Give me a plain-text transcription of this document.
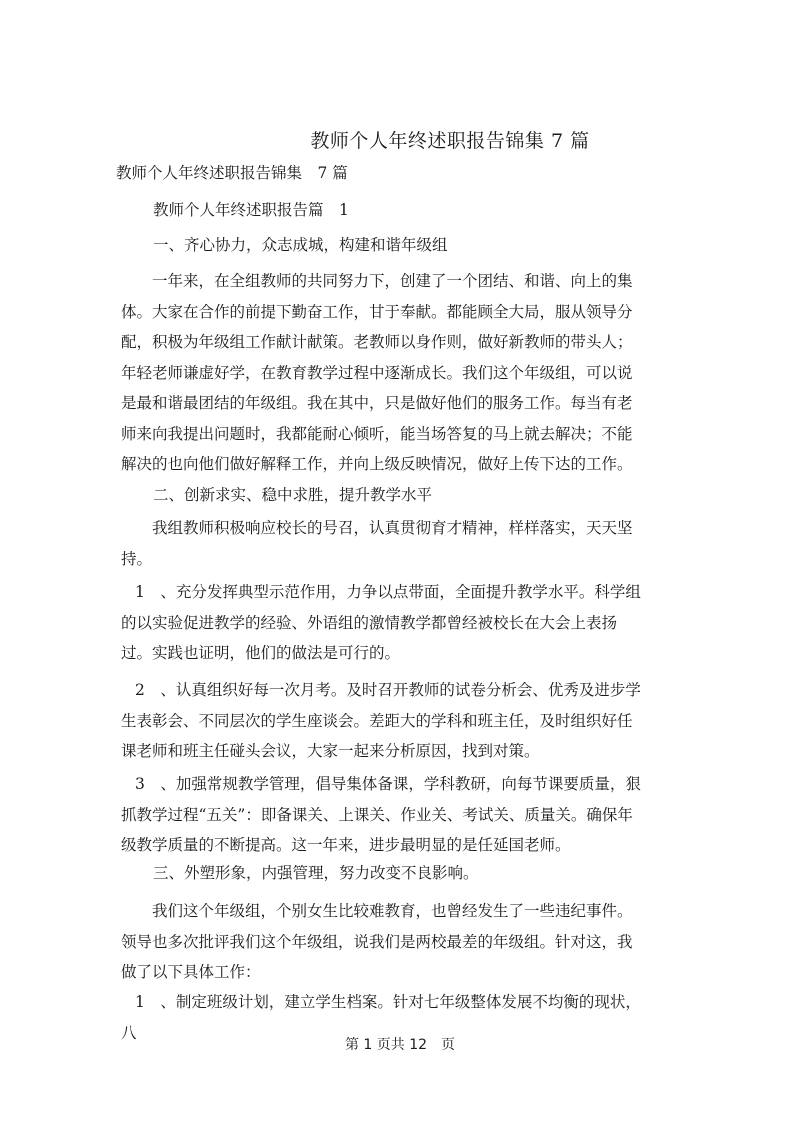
教师个人年终述职报告锦集 7 篇
教师个人年终述职报告锦集　7 篇
教师个人年终述职报告篇　1
一、齐心协力，众志成城，构建和谐年级组
一年来，在全组教师的共同努力下，创建了一个团结、和谐、向上的集体。大家在合作的前提下勤奋工作，甘于奉献。都能顾全大局，服从领导分配，积极为年级组工作献计献策。老教师以身作则，做好新教师的带头人；年轻老师谦虚好学，在教育教学过程中逐渐成长。我们这个年级组，可以说是最和谐最团结的年级组。我在其中，只是做好他们的服务工作。每当有老师来向我提出问题时，我都能耐心倾听，能当场答复的马上就去解决；不能解决的也向他们做好解释工作，并向上级反映情况，做好上传下达的工作。
二、创新求实、稳中求胜，提升教学水平
我组教师积极响应校长的号召，认真贯彻育才精神，样样落实，天天坚持。
1　、充分发挥典型示范作用，力争以点带面，全面提升教学水平。科学组的以实验促进教学的经验、外语组的激情教学都曾经被校长在大会上表扬过。实践也证明，他们的做法是可行的。
2　、认真组织好每一次月考。及时召开教师的试卷分析会、优秀及进步学生表彰会、不同层次的学生座谈会。差距大的学科和班主任，及时组织好任课老师和班主任碰头会议，大家一起来分析原因，找到对策。
3　、加强常规教学管理，倡导集体备课，学科教研，向每节课要质量，狠抓教学过程“五关”：即备课关、上课关、作业关、考试关、质量关。确保年级教学质量的不断提高。这一年来，进步最明显的是任延国老师。
三、外塑形象，内强管理，努力改变不良影响。
我们这个年级组，个别女生比较难教育，也曾经发生了一些违纪事件。领导也多次批评我们这个年级组，说我们是两校最差的年级组。针对这，我做了以下具体工作：
1　、制定班级计划，建立学生档案。针对七年级整体发展不均衡的现状，八
第 1 页共 12　页
